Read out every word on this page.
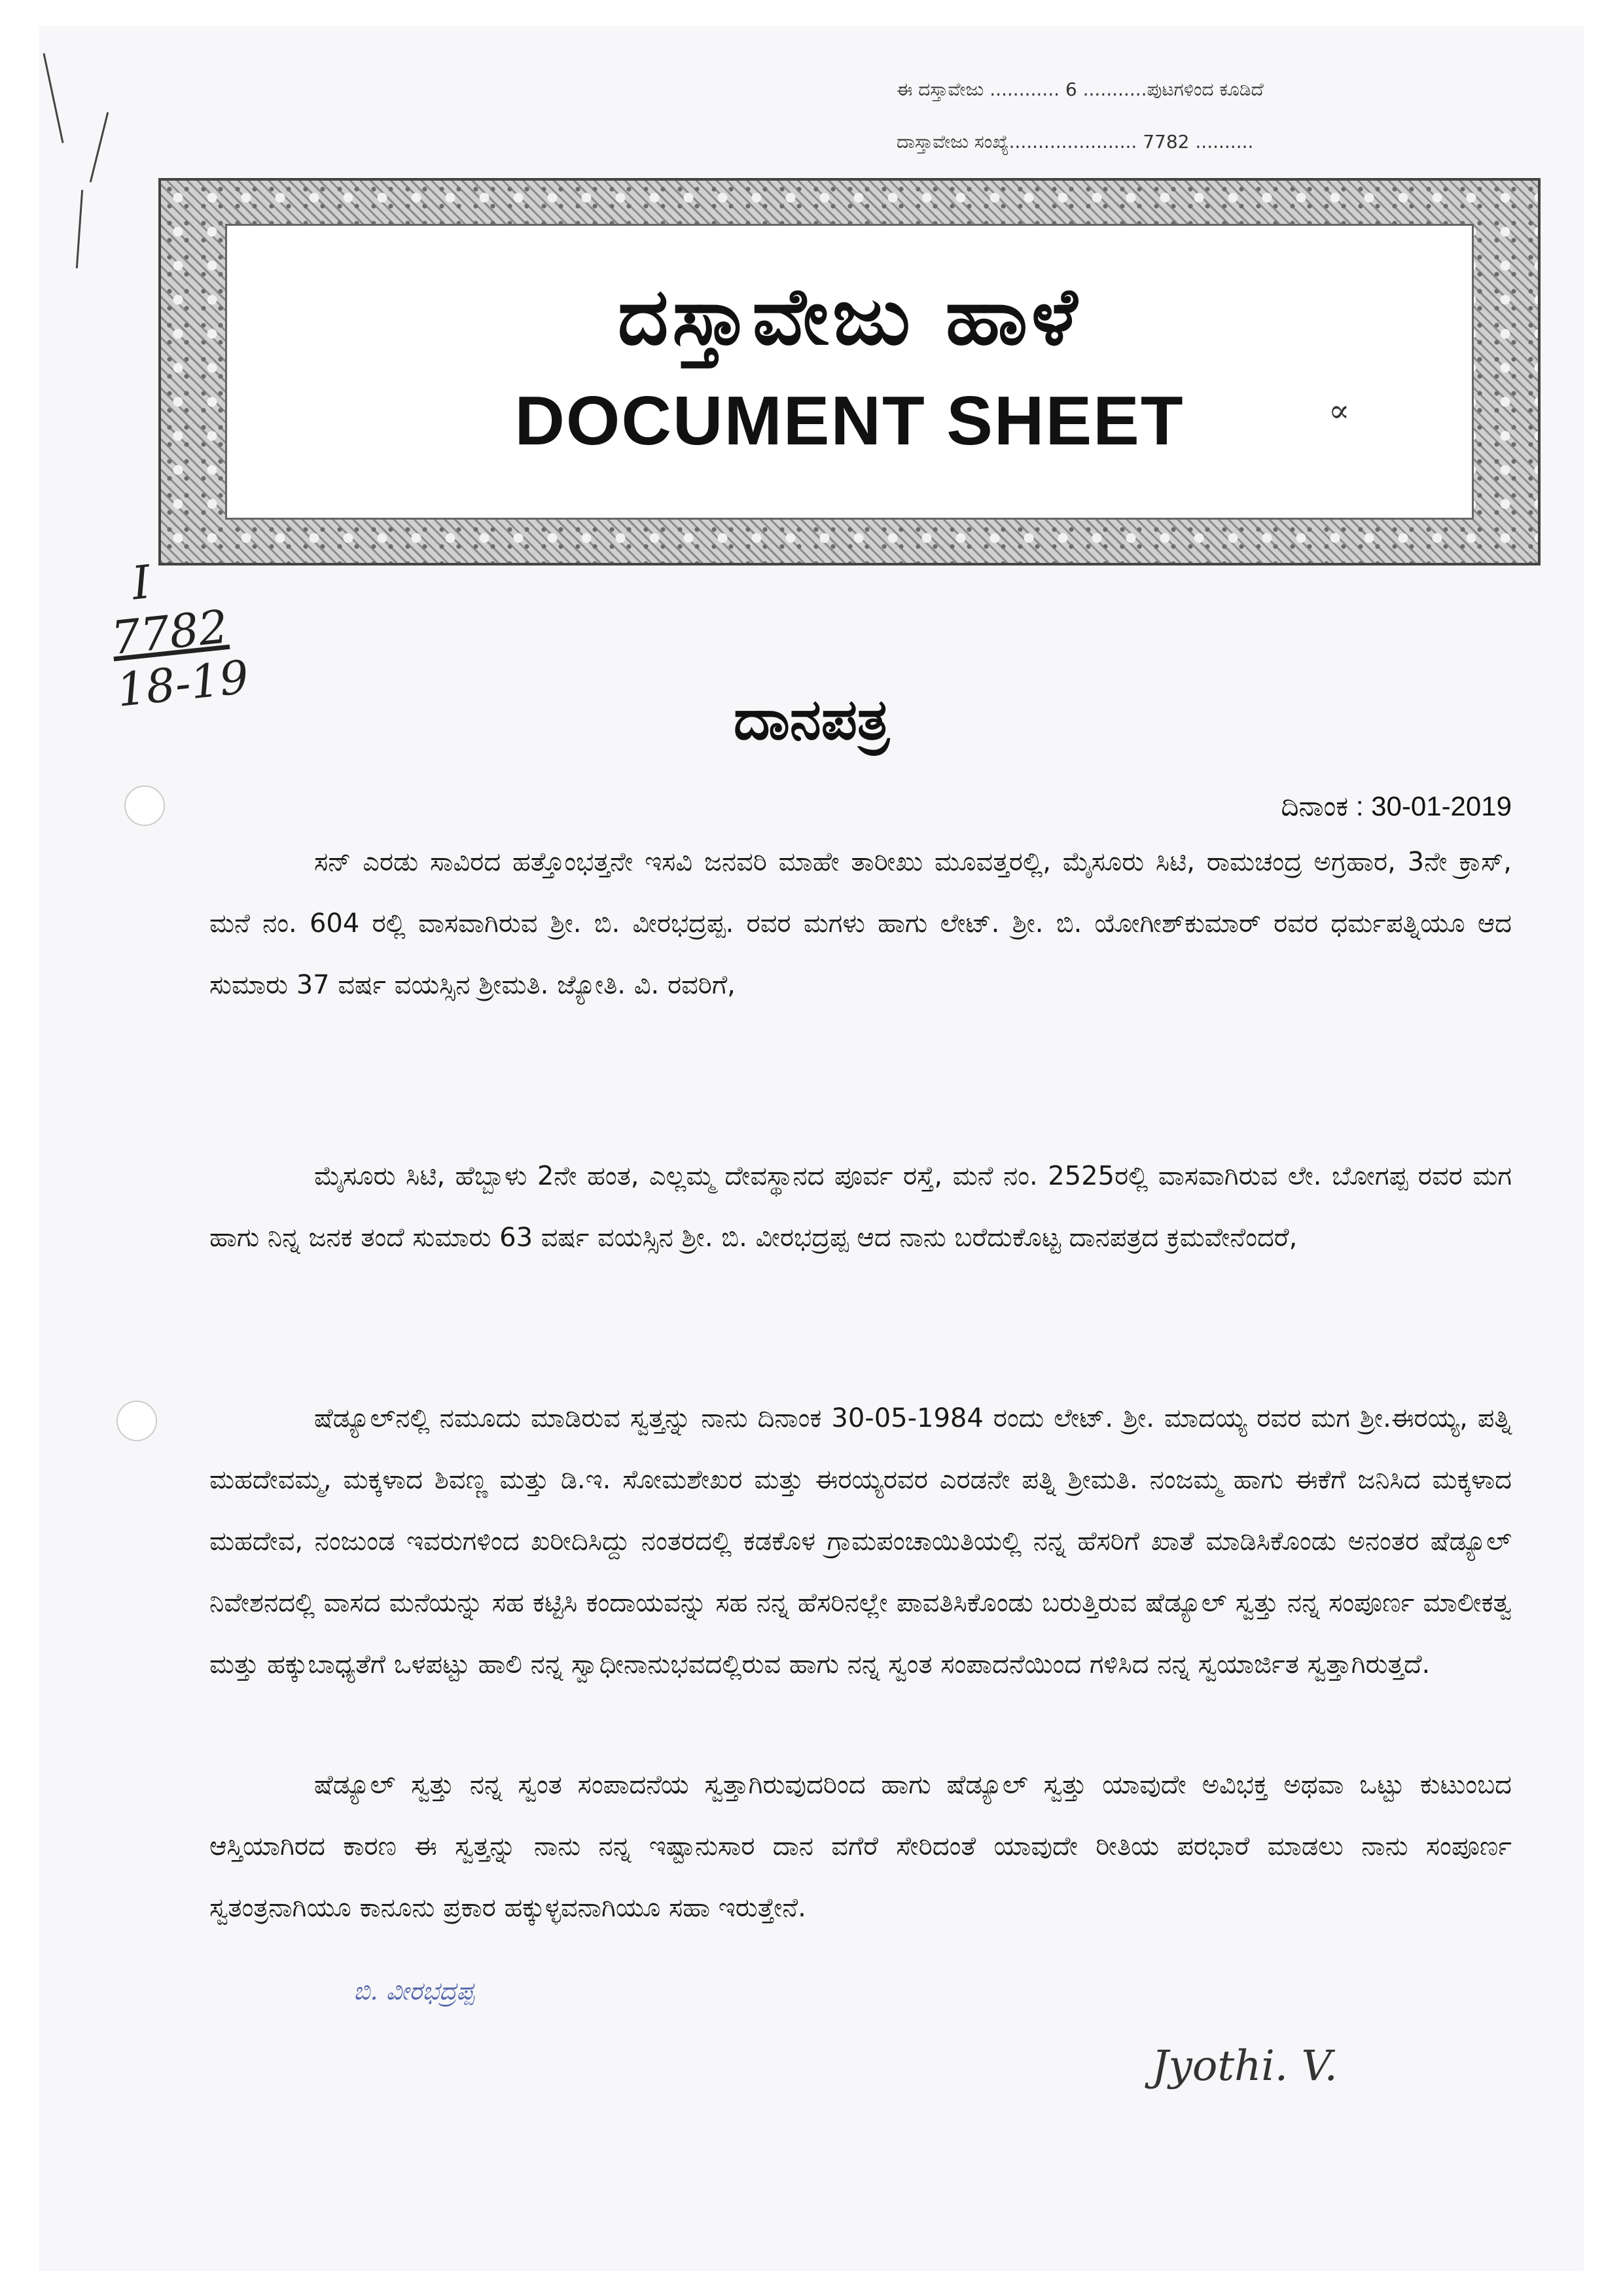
ಈ ದಸ್ತಾವೇಜು ............ 6 ...........ಪುಟಗಳಿಂದ ಕೂಡಿದೆ
ದಾಸ್ತಾವೇಜು ಸಂಖ್ಯೆ...................... 7782 ..........
ದಸ್ತಾವೇಜು ಹಾಳೆ
DOCUMENT SHEET	∝
I
7782
18-19
ದಾನಪತ್ರ
ದಿನಾಂಕ : 30-01-2019
ಸನ್ ಎರಡು ಸಾವಿರದ ಹತ್ತೊಂಭತ್ತನೇ ಇಸವಿ ಜನವರಿ ಮಾಹೇ ತಾರೀಖು ಮೂವತ್ತರಲ್ಲಿ, ಮೈಸೂರು ಸಿಟಿ, ರಾಮಚಂದ್ರ ಅಗ್ರಹಾರ, 3ನೇ ಕ್ರಾಸ್, ಮನೆ ನಂ. 604 ರಲ್ಲಿ ವಾಸವಾಗಿರುವ ಶ್ರೀ. ಬಿ. ವೀರಭದ್ರಪ್ಪ. ರವರ ಮಗಳು ಹಾಗು ಲೇಟ್. ಶ್ರೀ. ಬಿ. ಯೋಗೀಶ್‌ಕುಮಾರ್ ರವರ ಧರ್ಮಪತ್ನಿಯೂ ಆದ ಸುಮಾರು 37 ವರ್ಷ ವಯಸ್ಸಿನ ಶ್ರೀಮತಿ. ಜ್ಯೋತಿ. ವಿ. ರವರಿಗೆ,
ಮೈಸೂರು ಸಿಟಿ, ಹೆಬ್ಬಾಳು 2ನೇ ಹಂತ, ಎಲ್ಲಮ್ಮ ದೇವಸ್ಥಾನದ ಪೂರ್ವ ರಸ್ತೆ, ಮನೆ ನಂ. 2525ರಲ್ಲಿ ವಾಸವಾಗಿರುವ ಲೇ. ಬೋಗಪ್ಪ ರವರ ಮಗ ಹಾಗು ನಿನ್ನ ಜನಕ ತಂದೆ ಸುಮಾರು 63 ವರ್ಷ ವಯಸ್ಸಿನ ಶ್ರೀ. ಬಿ. ವೀರಭದ್ರಪ್ಪ ಆದ ನಾನು ಬರೆದುಕೊಟ್ಟ ದಾನಪತ್ರದ ಕ್ರಮವೇನೆಂದರೆ,
ಷೆಡ್ಯೂಲ್‌ನಲ್ಲಿ ನಮೂದು ಮಾಡಿರುವ ಸ್ವತ್ತನ್ನು ನಾನು ದಿನಾಂಕ 30-05-1984 ರಂದು ಲೇಟ್. ಶ್ರೀ. ಮಾದಯ್ಯ ರವರ ಮಗ ಶ್ರೀ.ಈರಯ್ಯ, ಪತ್ನಿ ಮಹದೇವಮ್ಮ, ಮಕ್ಕಳಾದ ಶಿವಣ್ಣ ಮತ್ತು ಡಿ.ಇ. ಸೋಮಶೇಖರ ಮತ್ತು ಈರಯ್ಯರವರ ಎರಡನೇ ಪತ್ನಿ ಶ್ರೀಮತಿ. ನಂಜಮ್ಮ ಹಾಗು ಈಕೆಗೆ ಜನಿಸಿದ ಮಕ್ಕಳಾದ ಮಹದೇವ, ನಂಜುಂಡ ಇವರುಗಳಿಂದ ಖರೀದಿಸಿದ್ದು ನಂತರದಲ್ಲಿ ಕಡಕೊಳ ಗ್ರಾಮಪಂಚಾಯಿತಿಯಲ್ಲಿ ನನ್ನ ಹೆಸರಿಗೆ ಖಾತೆ ಮಾಡಿಸಿಕೊಂಡು ಅನಂತರ ಷೆಡ್ಯೂಲ್ ನಿವೇಶನದಲ್ಲಿ ವಾಸದ ಮನೆಯನ್ನು ಸಹ ಕಟ್ಟಿಸಿ ಕಂದಾಯವನ್ನು ಸಹ ನನ್ನ ಹೆಸರಿನಲ್ಲೇ ಪಾವತಿಸಿಕೊಂಡು ಬರುತ್ತಿರುವ ಷೆಡ್ಯೂಲ್ ಸ್ವತ್ತು ನನ್ನ ಸಂಪೂರ್ಣ ಮಾಲೀಕತ್ವ ಮತ್ತು ಹಕ್ಕುಬಾಧ್ಯತೆಗೆ ಒಳಪಟ್ಟು ಹಾಲಿ ನನ್ನ ಸ್ವಾಧೀನಾನುಭವದಲ್ಲಿರುವ ಹಾಗು ನನ್ನ ಸ್ವಂತ ಸಂಪಾದನೆಯಿಂದ ಗಳಿಸಿದ ನನ್ನ ಸ್ವಯಾರ್ಜಿತ ಸ್ವತ್ತಾಗಿರುತ್ತದೆ.
ಷೆಡ್ಯೂಲ್ ಸ್ವತ್ತು ನನ್ನ ಸ್ವಂತ ಸಂಪಾದನೆಯ ಸ್ವತ್ತಾಗಿರುವುದರಿಂದ ಹಾಗು ಷೆಡ್ಯೂಲ್ ಸ್ವತ್ತು ಯಾವುದೇ ಅವಿಭಕ್ತ ಅಥವಾ ಒಟ್ಟು ಕುಟುಂಬದ ಆಸ್ತಿಯಾಗಿರದ ಕಾರಣ ಈ ಸ್ವತ್ತನ್ನು ನಾನು ನನ್ನ ಇಷ್ಟಾನುಸಾರ ದಾನ ವಗೆರೆ ಸೇರಿದಂತೆ ಯಾವುದೇ ರೀತಿಯ ಪರಭಾರೆ ಮಾಡಲು ನಾನು ಸಂಪೂರ್ಣ ಸ್ವತಂತ್ರನಾಗಿಯೂ ಕಾನೂನು ಪ್ರಕಾರ ಹಕ್ಕುಳ್ಳವನಾಗಿಯೂ ಸಹಾ ಇರುತ್ತೇನೆ.
ಬಿ. ವೀರಭದ್ರಪ್ಪ
Jyothi. V.
